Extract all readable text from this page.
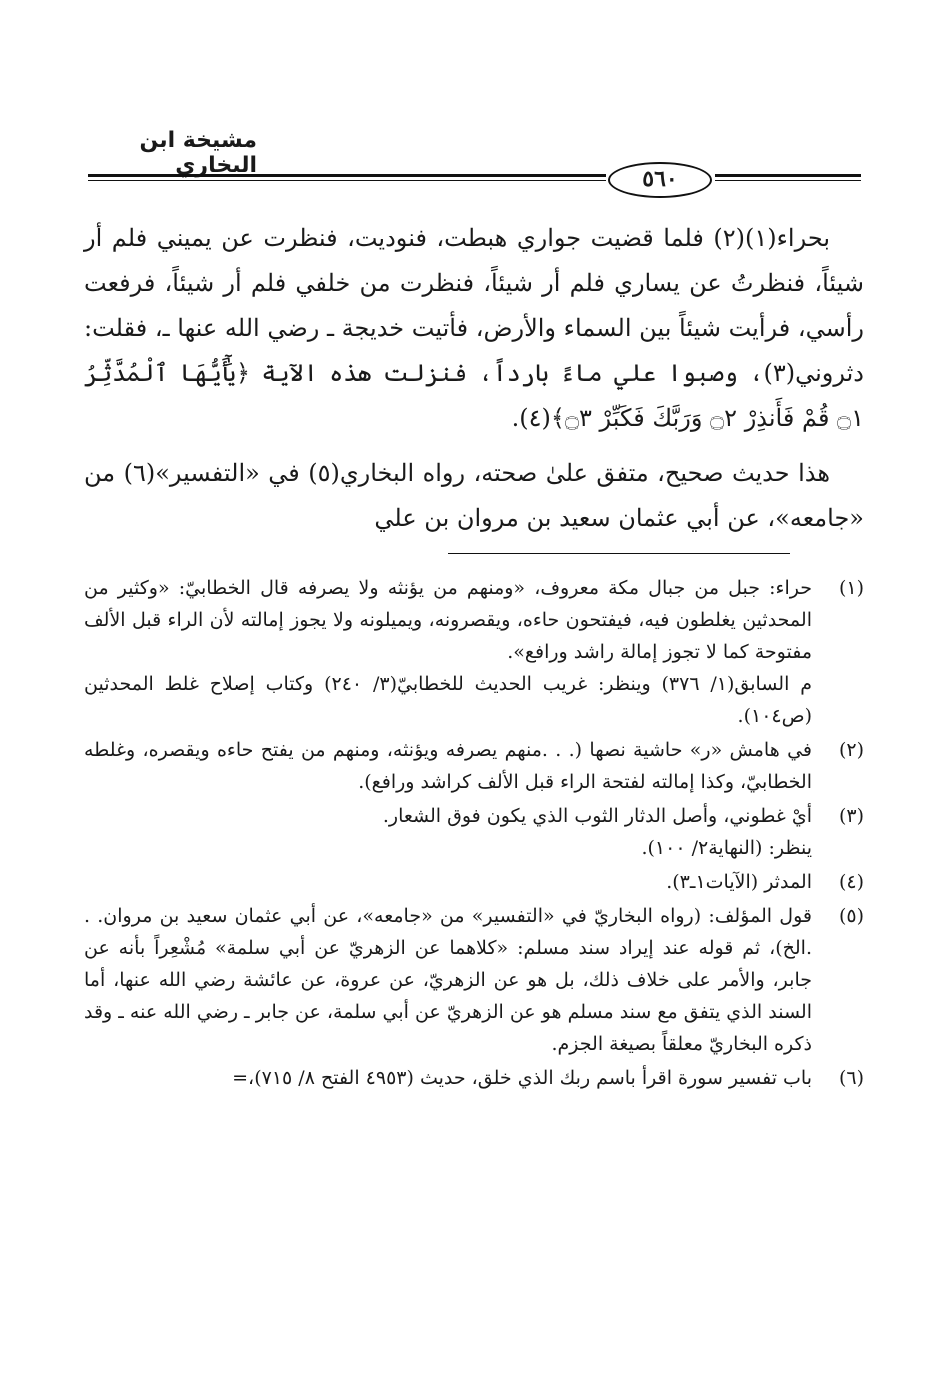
مشيخة ابن البخاري
٥٦٠

بحراء(١)(٢) فلما قضيت جواري هبطت، فنوديت، فنظرت عن يميني فلم أر شيئاً، فنظرتُ عن يساري فلم أر شيئاً، فنظرت من خلفي فلم أر شيئاً، فرفعت رأسي، فرأيت شيئاً بين السماء والأرض، فأتيت خديجة ـ رضي الله عنها ـ، فقلت: دثروني(٣)، وصبوا علي ماءً بارداً، فنزلت هذه الآية ﴿يَٰٓأَيُّهَا ٱلْمُدَّثِّرُ ۝١ قُمْ فَأَنذِرْ ۝٢ وَرَبَّكَ فَكَبِّرْ ۝٣﴾(٤).

هذا حديث صحيح، متفق علىٰ صحته، رواه البخاري(٥) في «التفسير»(٦) من «جامعه»، عن أبي عثمان سعيد بن مروان بن علي

(١)

حراء: جبل من جبال مكة معروف، «ومنهم من يؤنثه ولا يصرفه قال الخطابيّ: «وكثير من المحدثين يغلطون فيه، فيفتحون حاءه، ويقصرونه، ويميلونه ولا يجوز إمالته لأن الراء قبل الألف مفتوحة كما لا تجوز إمالة راشد ورافع».

م السابق(١/ ٣٧٦) وينظر: غريب الحديث للخطابيّ(٣/ ٢٤٠) وكتاب إصلاح غلط المحدثين (ص١٠٤).

(٢)

في هامش «ر» حاشية نصها (. . .منهم يصرفه ويؤنثه، ومنهم من يفتح حاءه ويقصره، وغلطه الخطابيّ، وكذا إمالته لفتحة الراء قبل الألف كراشد ورافع).

(٣)

أيْ غطوني، وأصل الدثار الثوب الذي يكون فوق الشعار.

ينظر: (النهاية٢/ ١٠٠).

(٤)

المدثر (الآيات١ـ٣).

(٥)

قول المؤلف: (رواه البخاريّ في «التفسير» من «جامعه»، عن أبي عثمان سعيد بن مروان. . .الخ)، ثم قوله عند إيراد سند مسلم: «كلاهما عن الزهريّ عن أبي سلمة» مُشْعِراً بأنه عن جابر، والأمر على خلاف ذلك، بل هو عن الزهريّ، عن عروة، عن عائشة رضي الله عنها، أما السند الذي يتفق مع سند مسلم هو عن الزهريّ عن أبي سلمة، عن جابر ـ رضي الله عنه ـ وقد ذكره البخاريّ معلقاً بصيغة الجزم.

(٦)

باب تفسير سورة اقرأ باسم ربك الذي خلق، حديث (٤٩٥٣ الفتح ٨/ ٧١٥)،=
